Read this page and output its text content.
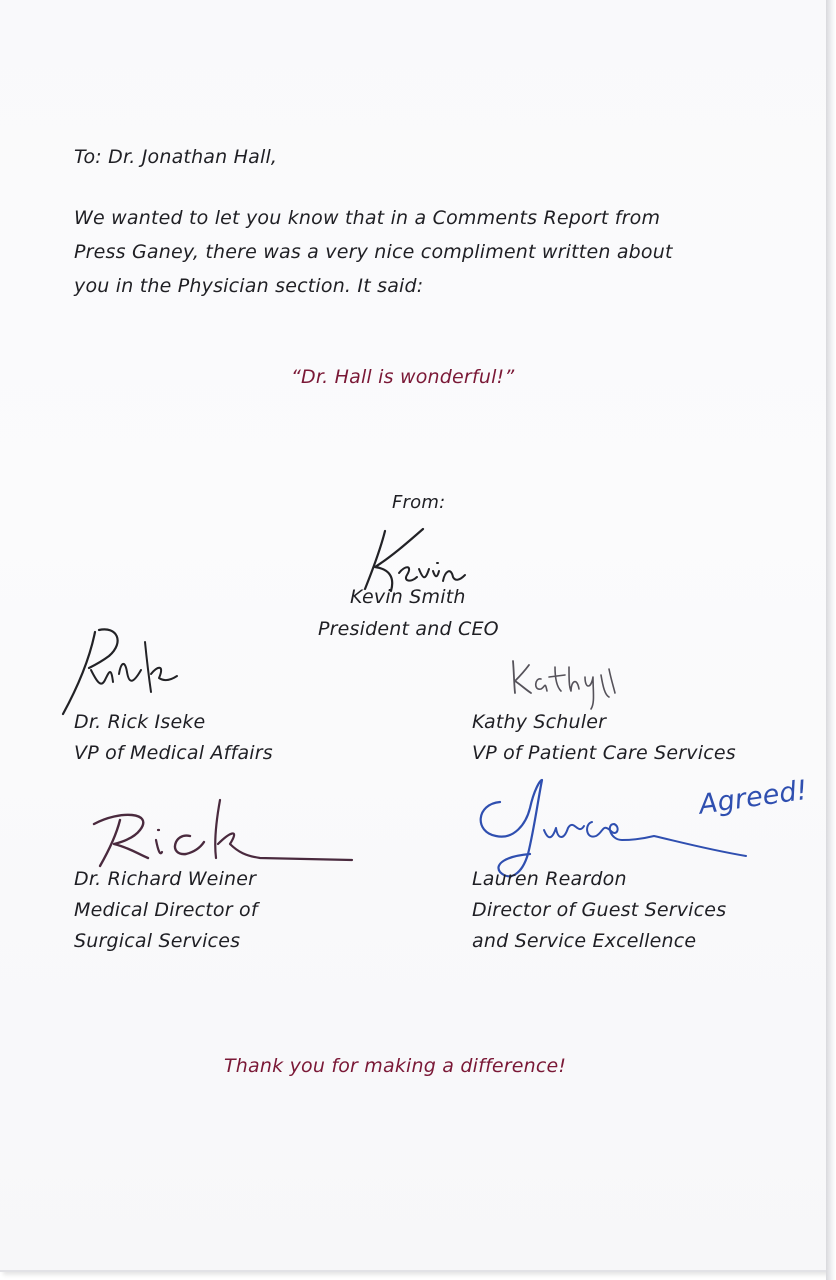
To: Dr. Jonathan Hall,

We wanted to let you know that in a Comments Report from

Press Ganey, there was a very nice compliment written about

you in the Physician section. It said:

“Dr. Hall is wonderful!”

From:

Kevin Smith

President and CEO

Dr. Rick Iseke

VP of Medical Affairs

Kathy Schuler

VP of Patient Care Services

Dr. Richard Weiner

Medical Director of

Surgical Services

Lauren Reardon

Director of Guest Services

and Service Excellence

Agreed!

Thank you for making a difference!
